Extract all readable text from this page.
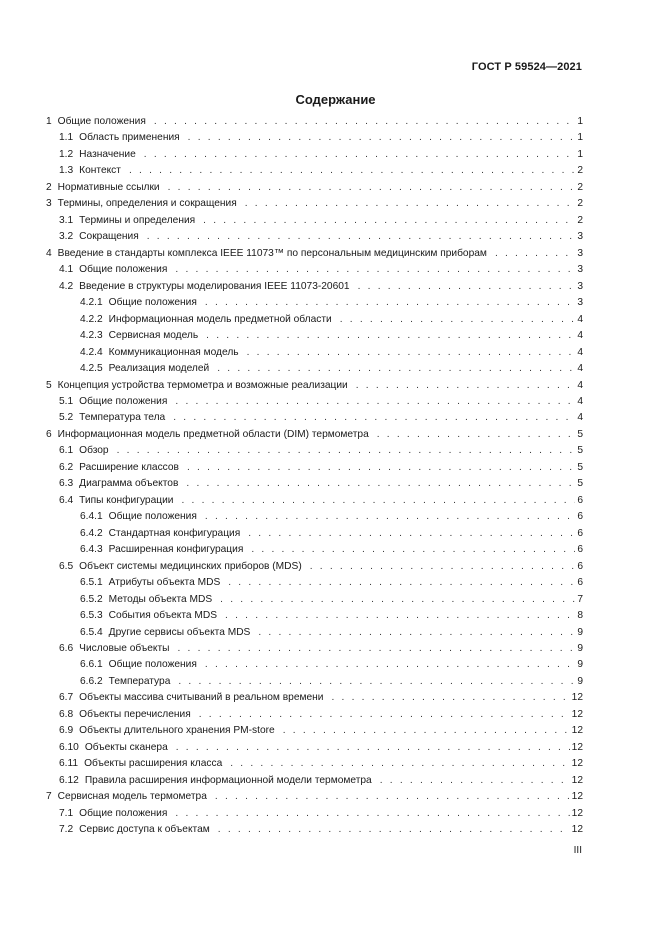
ГОСТ Р 59524—2021
Содержание
1 Общие положения . . .	1
1.1 Область применения . . .	1
1.2 Назначение . . .	1
1.3 Контекст . . .	2
2 Нормативные ссылки . . .	2
3 Термины, определения и сокращения . . .	2
3.1 Термины и определения . . .	2
3.2 Сокращения . . .	3
4 Введение в стандарты комплекса IEEE 11073™ по персональным медицинским приборам . . .	3
4.1 Общие положения . . .	3
4.2 Введение в структуры моделирования IEEE 11073-20601 . . .	3
4.2.1 Общие положения . . .	3
4.2.2 Информационная модель предметной области . . .	4
4.2.3 Сервисная модель . . .	4
4.2.4 Коммуникационная модель . . .	4
4.2.5 Реализация моделей . . .	4
5 Концепция устройства термометра и возможные реализации . . .	4
5.1 Общие положения . . .	4
5.2 Температура тела . . .	4
6 Информационная модель предметной области (DIM) термометра . . .	5
6.1 Обзор . . .	5
6.2 Расширение классов . . .	5
6.3 Диаграмма объектов . . .	5
6.4 Типы конфигурации . . .	6
6.4.1 Общие положения . . .	6
6.4.2 Стандартная конфигурация . . .	6
6.4.3 Расширенная конфигурация . . .	6
6.5 Объект системы медицинских приборов (MDS) . . .	6
6.5.1 Атрибуты объекта MDS . . .	6
6.5.2 Методы объекта MDS . . .	7
6.5.3 События объекта MDS . . .	8
6.5.4 Другие сервисы объекта MDS . . .	9
6.6 Числовые объекты . . .	9
6.6.1 Общие положения . . .	9
6.6.2 Температура . . .	9
6.7 Объекты массива считываний в реальном времени . . .	12
6.8 Объекты перечисления . . .	12
6.9 Объекты длительного хранения PM-store . . .	12
6.10 Объекты сканера . . .	12
6.11 Объекты расширения класса . . .	12
6.12 Правила расширения информационной модели термометра . . .	12
7 Сервисная модель термометра . . .	12
7.1 Общие положения . . .	12
7.2 Сервис доступа к объектам . . .	12
III
